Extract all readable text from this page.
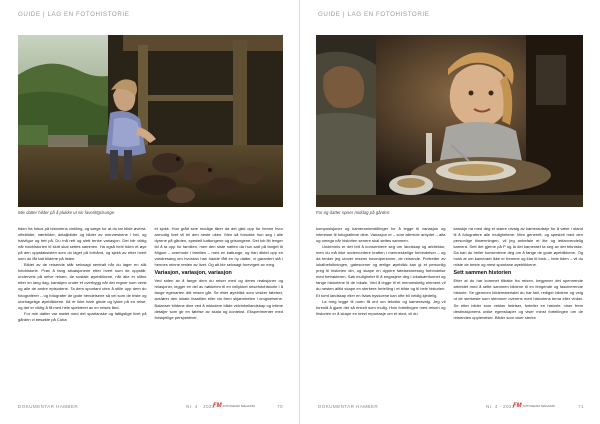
GUIDE | LAG EN FOTOHISTORIE
Mie datter hilder på å plukke ut sin favorittgrisunge.

tiden ha fokus på historiens vinkling, og sørge for at du tar bilde øverst-oftebilder, nærbilder, detaljbilder og bilder av menneskene i hel- og halvfigur og tett på. Du må rett og slett tenke variasjon. Det blir viktig når fotohistorien til slutt skal settes sammen. Ha også hele tiden et øye på den oppstaksisten som du laget på forhånd, og sjekk av etter hvert som du får tatt bildene på listen.

Bildet av de reisende står selvsagt sentralt når du lager en slik fotohistorie. Prøv å fang situasjonene etter hvert som de oppstår, underveis på selve reisen, de sosiale øyeblikkene, når alle er slitne etter en lang dag, kanskjen under et overbygg når det regner som verst og alle de andre episodene. Ta dem spontant uten å stille opp dem du fotograferer – og fotografer de gode hendelsene så vel som de triste og ubehagelige øyeblikkene. Alt er ikke bare glede og lykke på en reise, og det er viktig å få med hele spekteret av en reises ånd.

For mie datter var møtet med det spartanske og fattigslige livet på gården vi besøkte på Cuba

et sjokk. Hun grått sine modige tårer da det gikk opp for henne hvor armodig livet vil bli den neste uken. Men så forsokte hun seg i alle dyrene på gården, spesielt kattungene og grisungene. Det tok litt lenger tid å ta opp for familien, men den siste natten da hun satt på fanget til Miguel – overhode i familien – med en kattunge, og han diktet opp en vandresang om hvordan han hadde fått en ny datter, vi garantert stå i hennes minne resten av livet. Og alt ble selvsagt forevigert av meg.

Variasjon, variasjon, variasjon

Ved siden av å fange dem du reiser med og deres reaksjoner og relasjoner, kigger en del av nøkkelen til en vellykket reisefotohistorie i å fange egenarten ditt reisen går. Se etter øyeblikk som vekker følelser, avslører den lokale livsstilen eller vis frem skjønnheten i omgivelsene. Balanser bildene dine ved å inkludere både vidvinkellandskap og intime detaljer som gir en følelse av skala og kontekst. Eksperimenter med forskjellige perspektiver,

DOKUMENTAR HAMBER	Nr. 4 · 2023
FMFOTOGRAFI MAGASIN	70
GUIDE | LAG EN FOTOHISTORIE
For eg datter spiser middag på gården:

komposisjoner og kameraninnstillinger for å legge til variasjon og interesse til fotografiene dine. Variasjon er – som allerede antydet – alfa og omega når historien senere skal settes sammen.

Underveis er det lett å konsentrere seg om landskap og arkitektur, men du må ikke undervurdere kraften i menneskelige forbindelser – og da tenker jeg utover resens hovedpersoner, de reisende. Portretter av lokalbefolkningen, gatescener og ærlige øyeblikk kan gi et personlig preg til historien din, og skape en dypere følelsesmessig forbindelse med betrakteren. Søk muligheter til å engasjere deg i lokalsamfunnet og fange historiene til de lokale. Ved å legge til et menneskelig element vil du nesten alltid skape en sterkere fortelling i et bilde og til hele historien. Et tomt landskap eller en livløs bysscene kan ofte bli veldig kjedelig.

La meg legge til noen få ord om teknikk og kameravalg. Jeg vil foreslå å gjøre det så enkelt som mulig. Hvis fortellingen med reisen og historien er å skape en brezl reportasje om et sted, vil du

kanskje ha med deg et større utvalg av kamerautstyr for å være i stand til å fotografere alle mulighetene. Men generelt, og spesielt med den personlige tilnærmingen, vil jeg anbefale et lite og lettanvendelig kamera. Sett det gjerne på P og la det kameraet ta seg av det tekniske. Da kan du heller konsentrere deg om å fange de gode øyeblikkene. Og husk at om kameraet ikke er fremme og klar til bruk – hele tiden – vil du miste de beste og mest spontane øyeblikkene.

Sett sammen historien

Etter at du har kommet tilbake fra reisen, begynner det spennende arbeidet med å sette sammen bildene til en fengende og fascinerende historie. Se gjennom bildematerialet du har tatt, rediger bildene og velg ut de sterkeste som stemmer overens med historiens tema eller vinkel. Se etter bilder som vekker følelser, forteller en historie, viser frem destinasjonens unike egenskaper og viser minst fortellingen om de reisendes opplevelser. Bilder som viser sterke

DOKUMENTAR HAMBER	Nr. 4 · 2023
FMFOTOGRAFI MAGASIN	71
